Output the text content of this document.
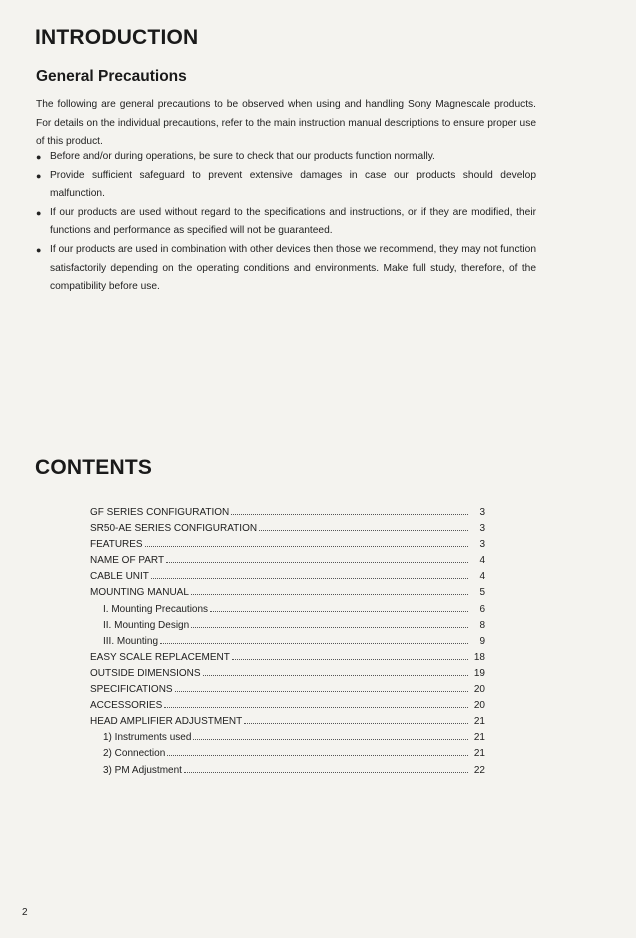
INTRODUCTION
General Precautions

The following are general precautions to be observed when using and handling Sony Magnescale products. For details on the individual precautions, refer to the main instruction manual descriptions to ensure proper use of this product.

● Before and/or during operations, be sure to check that our products function normally.
● Provide sufficient safeguard to prevent extensive damages in case our products should develop malfunction.
● If our products are used without regard to the specifications and instructions, or if they are modified, their functions and performance as specified will not be guaranteed.
● If our products are used in combination with other devices then those we recommend, they may not function satisfactorily depending on the operating conditions and environments. Make full study, therefore, of the compatibility before use.
CONTENTS
GF SERIES CONFIGURATION	3
SR50-AE SERIES CONFIGURATION	3
FEATURES	3
NAME OF PART	4
CABLE UNIT	4
MOUNTING MANUAL	5
I. Mounting Precautions	6
II. Mounting Design	8
III. Mounting	9
EASY SCALE REPLACEMENT	18
OUTSIDE DIMENSIONS	19
SPECIFICATIONS	20
ACCESSORIES	20
HEAD AMPLIFIER ADJUSTMENT	21
1) Instruments used	21
2) Connection	21
3) PM Adjustment	22
2
